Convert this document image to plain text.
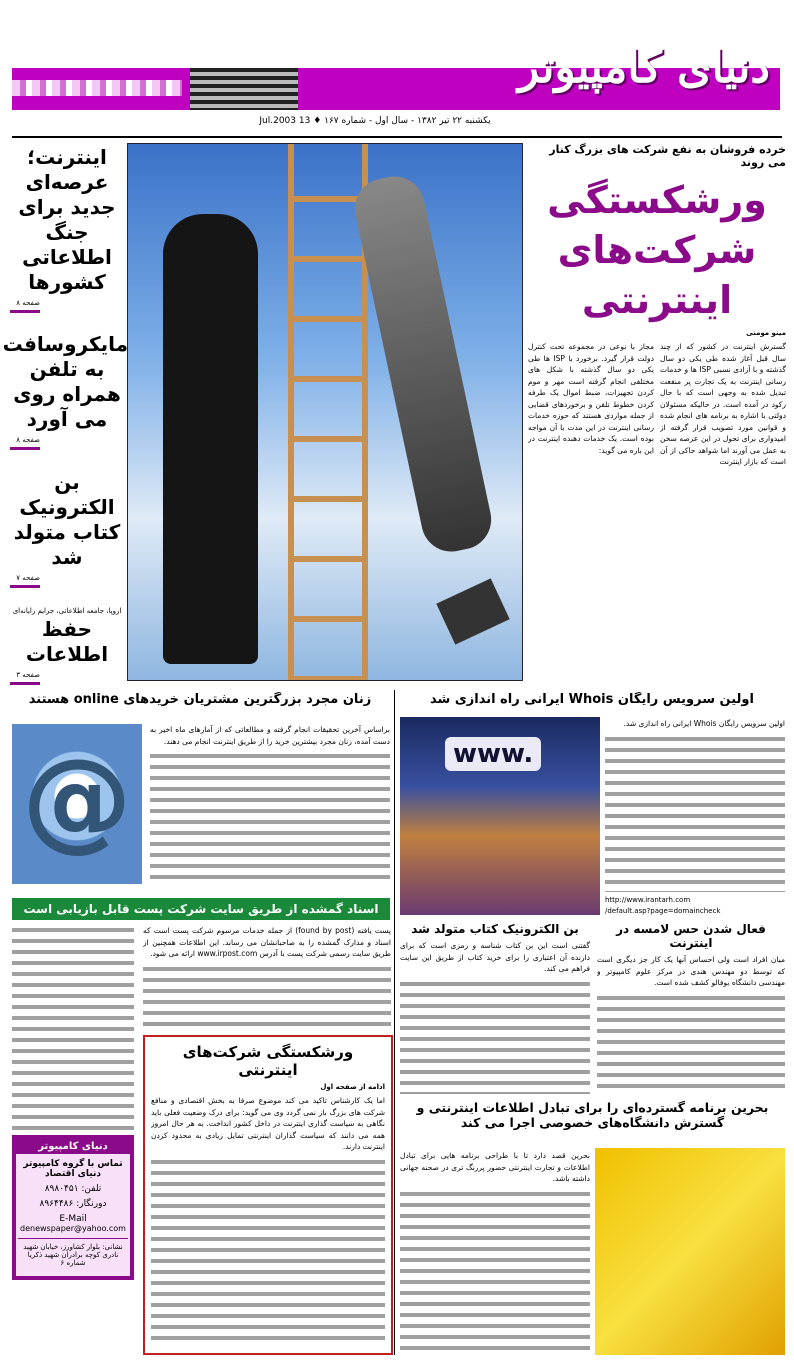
دنیای کامپیوتر
یکشنبه ۲۲ تیر ۱۳۸۲ - سال اول - شماره ۱۶۷ ♦ 13 Jul.2003
خرده فروشان به نفع شرکت های بزرگ کنار می روند
ورشکستگی
شرکت‌های اینترنتی
مینو مومنی
گسترش اینترنت در کشور که از چند سال قبل آغاز شده طی یکی دو سال گذشته و با آزادی نسبی ISP ها و خدمات رسانی اینترنت به یک تجارت پر منفعت تبدیل شده به وجهی است که با حال رکود در آمده است. در حالیکه مسئولان دولتی با اشاره به برنامه های انجام شده و قوانین مورد تصویب قرار گرفته از امیدواری برای تحول در این عرصه سخن به عمل می آورند اما شواهد حاکی از آن است که بازار اینترنت
مجاز با نوعی در مجموعه تحت کنترل دولت قرار گیرد. برخورد با ISP ها طی یکی دو سال گذشته با شکل های مختلفی انجام گرفته است مهر و موم کردن تجهیزات، ضبط اموال یک طرفه کردن خطوط تلفن و برخوردهای قضایی از جمله مواردی هستند که حوزه خدمات رسانی اینترنت در این مدت با آن مواجه بوده است. یک خدمات دهنده اینترنت در این باره می گوید:
اینترنت؛ عرصه‌ای جدید برای جنگ اطلاعاتی کشورها
صفحه ۸
مایکروسافت به تلفن همراه روی می آورد
صفحه ۸
بن الکترونیک کتاب متولد شد
صفحه ۷
اروپا، جامعه اطلاعاتی، جرایم رایانه‌ای
حفظ اطلاعات
صفحه ۳
زنان مجرد بزرگترین مشتریان خریدهای online هستند
@
براساس آخرین تحقیقات انجام گرفته و مطالعاتی که از آمارهای ماه اخیر به دست آمده، زنان مجرد بیشترین خرید را از طریق اینترنت انجام می دهند.
اولین سرویس رایگان Whois ایرانی راه اندازی شد
www.
اولین سرویس رایگان Whois ایرانی راه اندازی شد.
http://www.irantarh.com
/default.asp?page=domaincheck
اسناد گمشده از طریق سایت شرکت پست قابل بازیابی است
پست یافته (found by post) از جمله خدمات مرسوم شرکت پست است که اسناد و مدارک گمشده را به صاحبانشان می رساند. این اطلاعات همچنین از طریق سایت رسمی شرکت پست با آدرس www.irpost.com ارائه می شود.
بن الکترونیک کتاب متولد شد
گفتنی است این بن کتاب شناسه و رمزی است که برای دارنده آن اعتباری را برای خرید کتاب از طریق این سایت فراهم می کند.
فعال شدن حس لامسه در اینترنت
میان افراد است ولی احساس آنها یک کار جز دیگری است که توسط دو مهندس هندی در مرکز علوم کامپیوتر و مهندسی دانشگاه بوفالو کشف شده است.
ورشکستگی شرکت‌های اینترنتی
ادامه از صفحه اول
اما یک کارشناس تاکید می کند موضوع صرفا به بخش اقتصادی و منافع شرکت های بزرگ باز نمی گردد وی می گوید: برای درک وضعیت فعلی باید نگاهی به سیاست گذاری اینترنت در داخل کشور انداخت. به هر حال امروز همه می دانند که سیاست گذاران اینترنتی تمایل زیادی به محدود کردن اینترنت دارند.
دنیای کامپیوتر

تماس با گروه کامپیوتر دنیای اقتصاد

تلفن: ۸۹۸۰۴۵۱

دورنگار: ۸۹۶۴۴۸۶

E-Mail

denewspaper@yahoo.com

نشانی: بلوار کشاورز، خیابان شهید نادری کوچه برادران شهید ذکریا شماره ۶

بحرین برنامه گسترده‌ای را برای تبادل اطلاعات اینترنتی و گسترش دانشگاه‌های خصوصی اجرا می کند
بحرین قصد دارد تا با طراحی برنامه هایی برای تبادل اطلاعات و تجارت اینترنتی حضور پررنگ تری در صحنه جهانی داشته باشد.
